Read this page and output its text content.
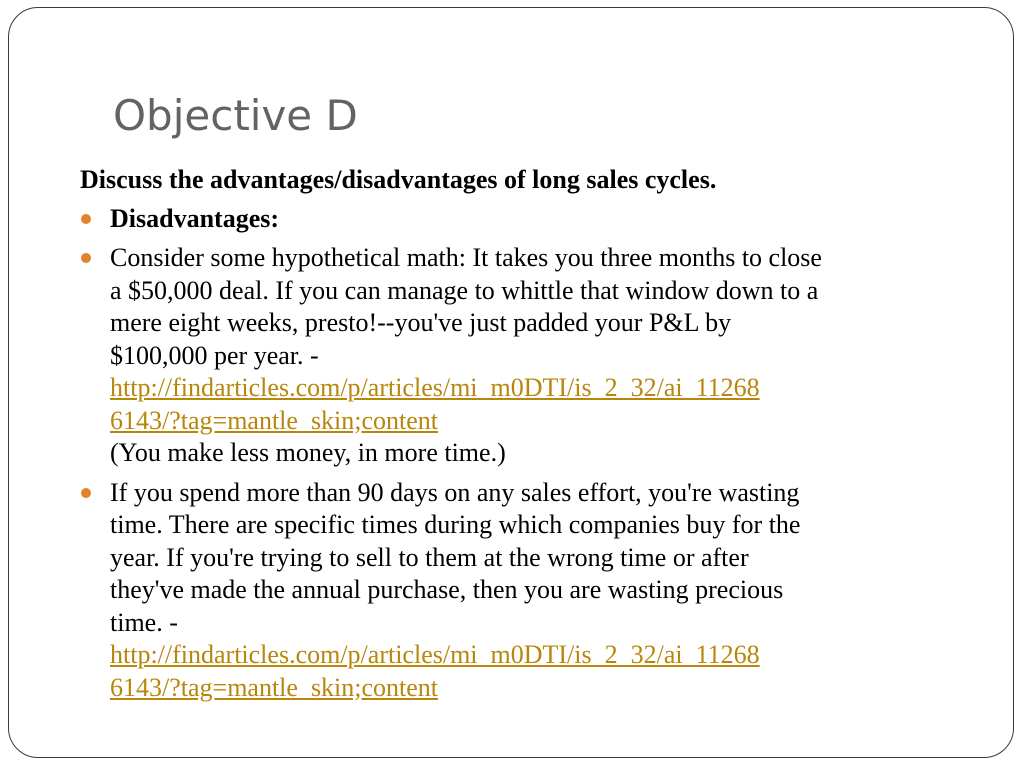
Objective D

Discuss the advantages/disadvantages of long sales cycles.

Disadvantages:
Consider some hypothetical math: It takes you three months to close
a $50,000 deal. If you can manage to whittle that window down to a
mere eight weeks, presto!--you've just padded your P&L by
$100,000 per year. -
http://findarticles.com/p/articles/mi_m0DTI/is_2_32/ai_11268
6143/?tag=mantle_skin;content
(You make less money, in more time.)
If you spend more than 90 days on any sales effort, you're wasting
time. There are specific times during which companies buy for the
year. If you're trying to sell to them at the wrong time or after
they've made the annual purchase, then you are wasting precious
time. -
http://findarticles.com/p/articles/mi_m0DTI/is_2_32/ai_11268
6143/?tag=mantle_skin;content
